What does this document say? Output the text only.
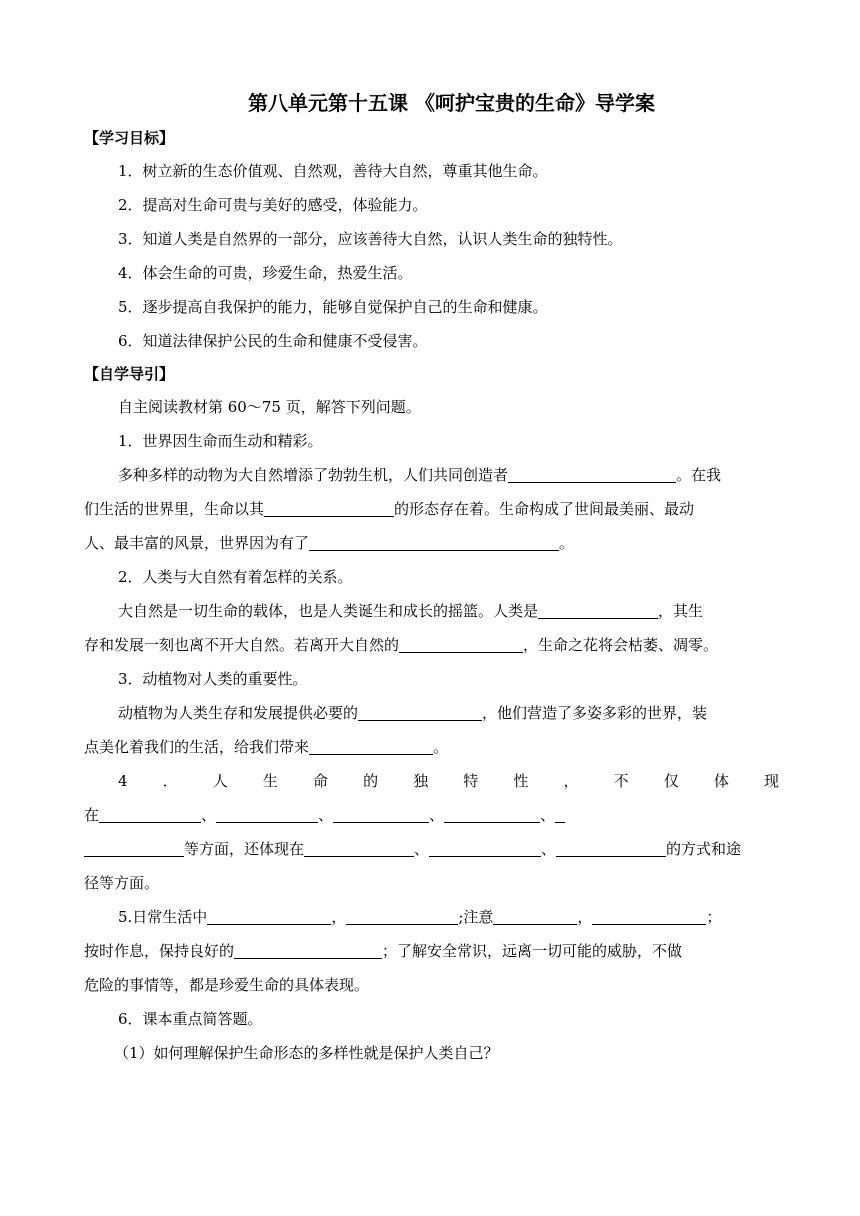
第八单元第十五课 《呵护宝贵的生命》导学案
【学习目标】
1．树立新的生态价值观、自然观，善待大自然，尊重其他生命。
2．提高对生命可贵与美好的感受，体验能力。
3．知道人类是自然界的一部分，应该善待大自然，认识人类生命的独特性。
4．体会生命的可贵，珍爱生命，热爱生活。
5．逐步提高自我保护的能力，能够自觉保护自己的生命和健康。
6．知道法律保护公民的生命和健康不受侵害。
【自学导引】
自主阅读教材第 60～75 页，解答下列问题。
1．世界因生命而生动和精彩。
多种多样的动物为大自然增添了勃勃生机，人们共同创造者	。在我
们生活的世界里，生命以其	的形态存在着。生命构成了世间最美丽、最动
人、最丰富的风景，世界因为有了	。
2．人类与大自然有着怎样的关系。
大自然是一切生命的载体，也是人类诞生和成长的摇篮。人类是	，其生
存和发展一刻也离不开大自然。若离开大自然的	，生命之花将会枯萎、凋零。
3．动植物对人类的重要性。
动植物为人类生存和发展提供必要的	，他们营造了多姿多彩的世界，装
点美化着我们的生活，给我们带来	。
4 ． 人 生 命 的 独 特 性 ， 不 仅 体 现
在	、	、	、	、
等方面，还体现在	、	、	的方式和途
径等方面。
5.日常生活中	，	;注意	，	；
按时作息，保持良好的	；了解安全常识，远离一切可能的威胁，不做
危险的事情等，都是珍爱生命的具体表现。
6．课本重点简答题。
（1）如何理解保护生命形态的多样性就是保护人类自己？
